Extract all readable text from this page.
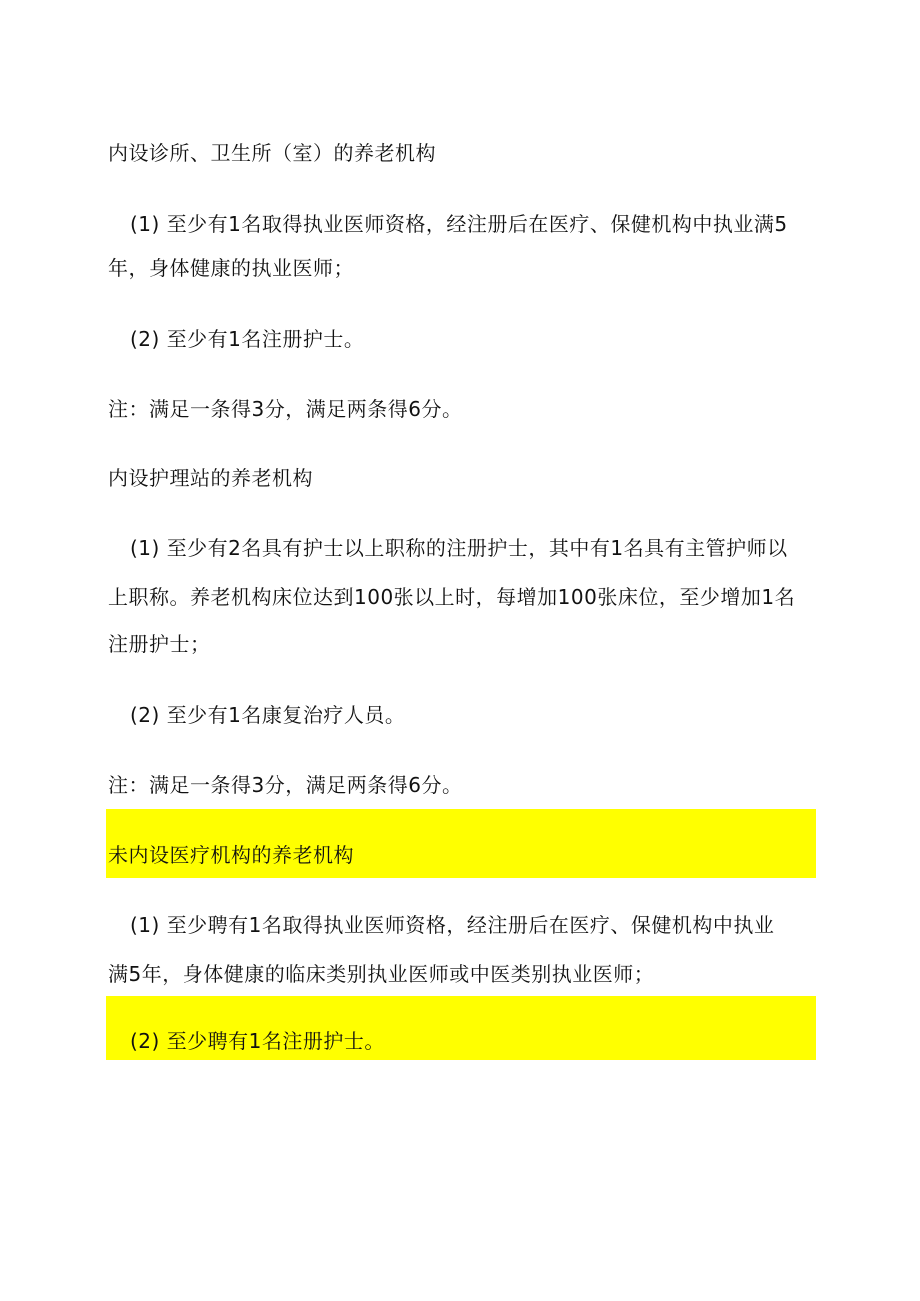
内设诊所、卫生所（室）的养老机构
(1) 至少有1名取得执业医师资格，经注册后在医疗、保健机构中执业满5
年，身体健康的执业医师；
(2) 至少有1名注册护士。
注：满足一条得3分，满足两条得6分。
内设护理站的养老机构
(1) 至少有2名具有护士以上职称的注册护士，其中有1名具有主管护师以
上职称。养老机构床位达到100张以上时，每增加100张床位，至少增加1名
注册护士；
(2) 至少有1名康复治疗人员。
注：满足一条得3分，满足两条得6分。
未内设医疗机构的养老机构
(1) 至少聘有1名取得执业医师资格，经注册后在医疗、保健机构中执业
满5年，身体健康的临床类别执业医师或中医类别执业医师；
(2) 至少聘有1名注册护士。
